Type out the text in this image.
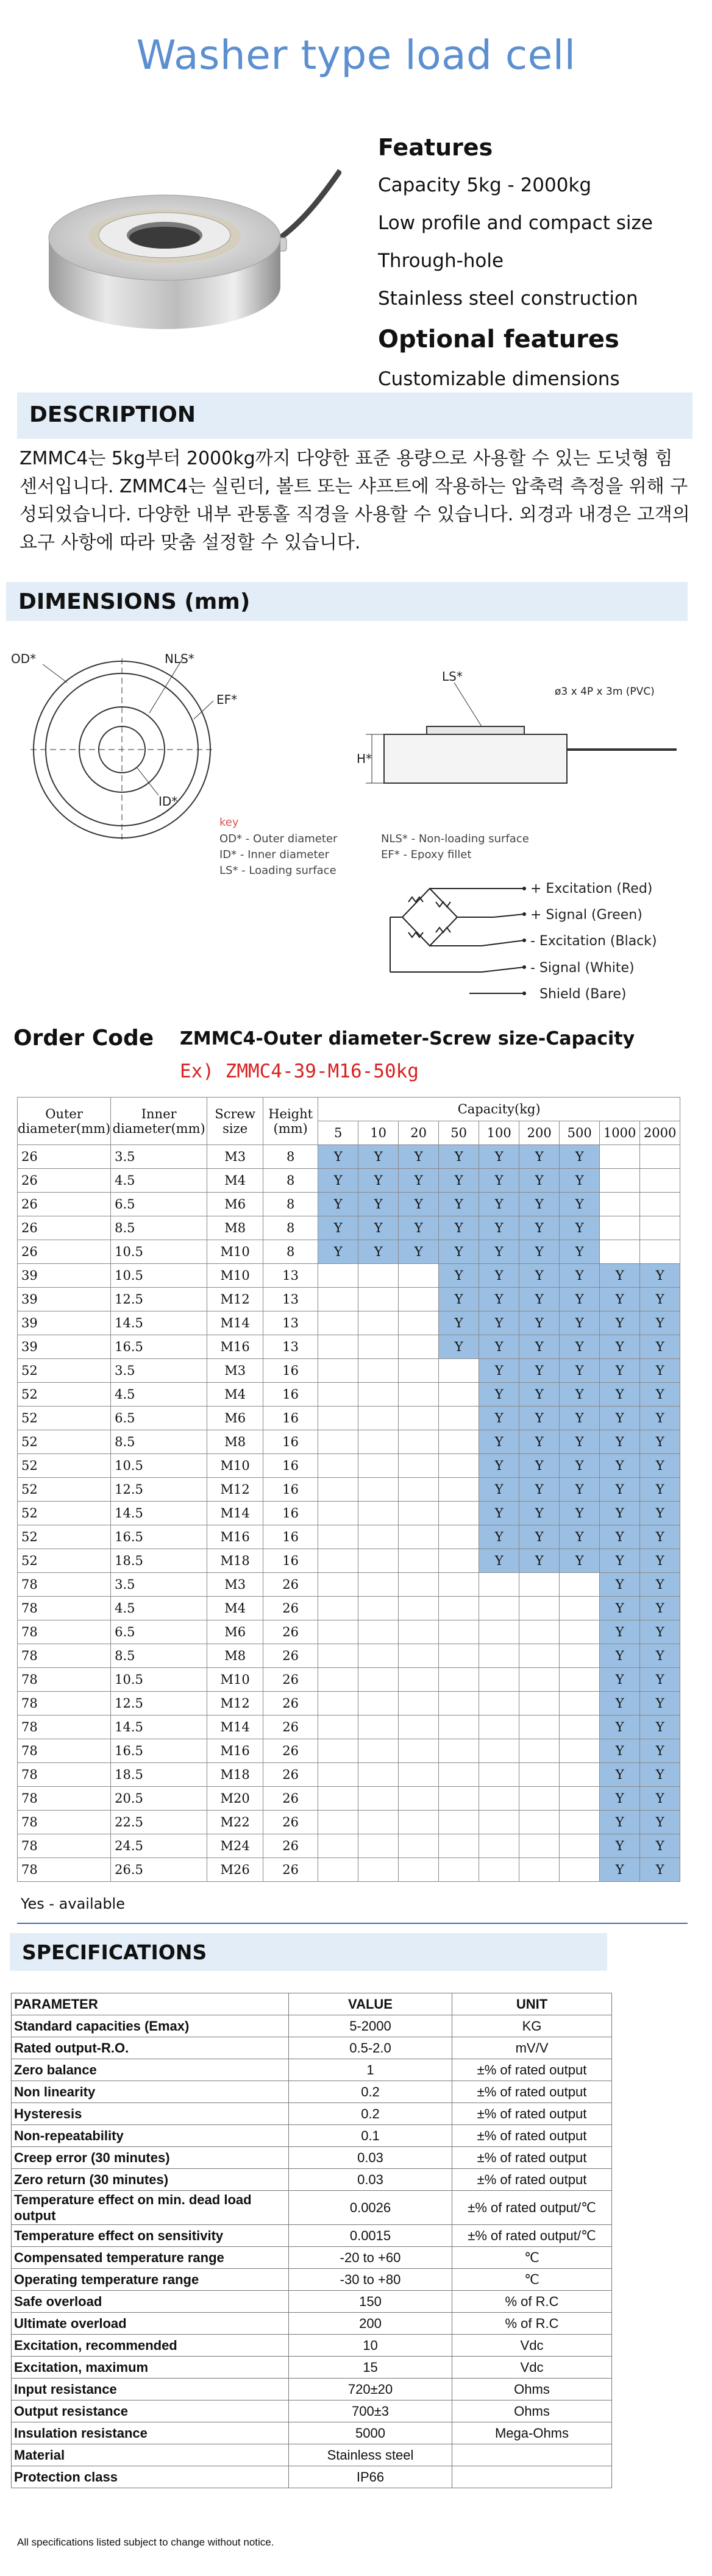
Washer type load cell
Features
Capacity 5kg - 2000kg
Low profile and compact size
Through-hole
Stainless steel construction
Optional features
Customizable dimensions
DESCRIPTION
ZMMC4는 5kg부터 2000kg까지 다양한 표준 용량으로 사용할 수 있는 도넛형 힘 센서입니다. ZMMC4는 실린더, 볼트 또는 샤프트에 작용하는 압축력 측정을 위해 구성되었습니다. 다양한 내부 관통홀 직경을 사용할 수 있습니다. 외경과 내경은 고객의 요구 사항에 따라 맞춤 설정할 수 있습니다.
DIMENSIONS (mm)
OD*	NLS*
EF*
ID*
LS*
H*
ø3 x 4P x 3m (PVC)
key
OD* - Outer diameter
ID* - Inner diameter
LS* - Loading surface
NLS* - Non-loading surface
EF* - Epoxy fillet
+ Excitation (Red)
+ Signal (Green)
- Excitation (Black)
- Signal (White)
Shield (Bare)
Order Code ZMMC4-Outer diameter-Screw size-Capacity
Ex) ZMMC4-39-M16-50kg
Outer
diameter(mm)	Inner
diameter(mm)	Screw
size	Height
(mm)	Capacity(kg)								
				5	10	20	50	100	200	500	1000	2000
26	3.5	M3	8	Y	Y	Y	Y	Y	Y	Y		
26	4.5	M4	8	Y	Y	Y	Y	Y	Y	Y		
26	6.5	M6	8	Y	Y	Y	Y	Y	Y	Y		
26	8.5	M8	8	Y	Y	Y	Y	Y	Y	Y		
26	10.5	M10	8	Y	Y	Y	Y	Y	Y	Y		
39	10.5	M10	13				Y	Y	Y	Y	Y	Y
39	12.5	M12	13				Y	Y	Y	Y	Y	Y
39	14.5	M14	13				Y	Y	Y	Y	Y	Y
39	16.5	M16	13				Y	Y	Y	Y	Y	Y
52	3.5	M3	16					Y	Y	Y	Y	Y
52	4.5	M4	16					Y	Y	Y	Y	Y
52	6.5	M6	16					Y	Y	Y	Y	Y
52	8.5	M8	16					Y	Y	Y	Y	Y
52	10.5	M10	16					Y	Y	Y	Y	Y
52	12.5	M12	16					Y	Y	Y	Y	Y
52	14.5	M14	16					Y	Y	Y	Y	Y
52	16.5	M16	16					Y	Y	Y	Y	Y
52	18.5	M18	16					Y	Y	Y	Y	Y
78	3.5	M3	26								Y	Y
78	4.5	M4	26								Y	Y
78	6.5	M6	26								Y	Y
78	8.5	M8	26								Y	Y
78	10.5	M10	26								Y	Y
78	12.5	M12	26								Y	Y
78	14.5	M14	26								Y	Y
78	16.5	M16	26								Y	Y
78	18.5	M18	26								Y	Y
78	20.5	M20	26								Y	Y
78	22.5	M22	26								Y	Y
78	24.5	M24	26								Y	Y
78	26.5	M26	26								Y	Y
Yes - available
SPECIFICATIONS
PARAMETER	VALUE	UNIT
Standard capacities (Emax)	5-2000	KG
Rated output-R.O.	0.5-2.0	mV/V
Zero balance	1	±% of rated output
Non linearity	0.2	±% of rated output
Hysteresis	0.2	±% of rated output
Non-repeatability	0.1	±% of rated output
Creep error (30 minutes)	0.03	±% of rated output
Zero return (30 minutes)	0.03	±% of rated output
Temperature effect on min. dead load output	0.0026	±% of rated output/℃
Temperature effect on sensitivity	0.0015	±% of rated output/℃
Compensated temperature range	-20 to +60	℃
Operating temperature range	-30 to +80	℃
Safe overload	150	% of R.C
Ultimate overload	200	% of R.C
Excitation, recommended	10	Vdc
Excitation, maximum	15	Vdc
Input resistance	720±20	Ohms
Output resistance	700±3	Ohms
Insulation resistance	5000	Mega-Ohms
Material	Stainless steel	
Protection class	IP66	
All specifications listed subject to change without notice.
